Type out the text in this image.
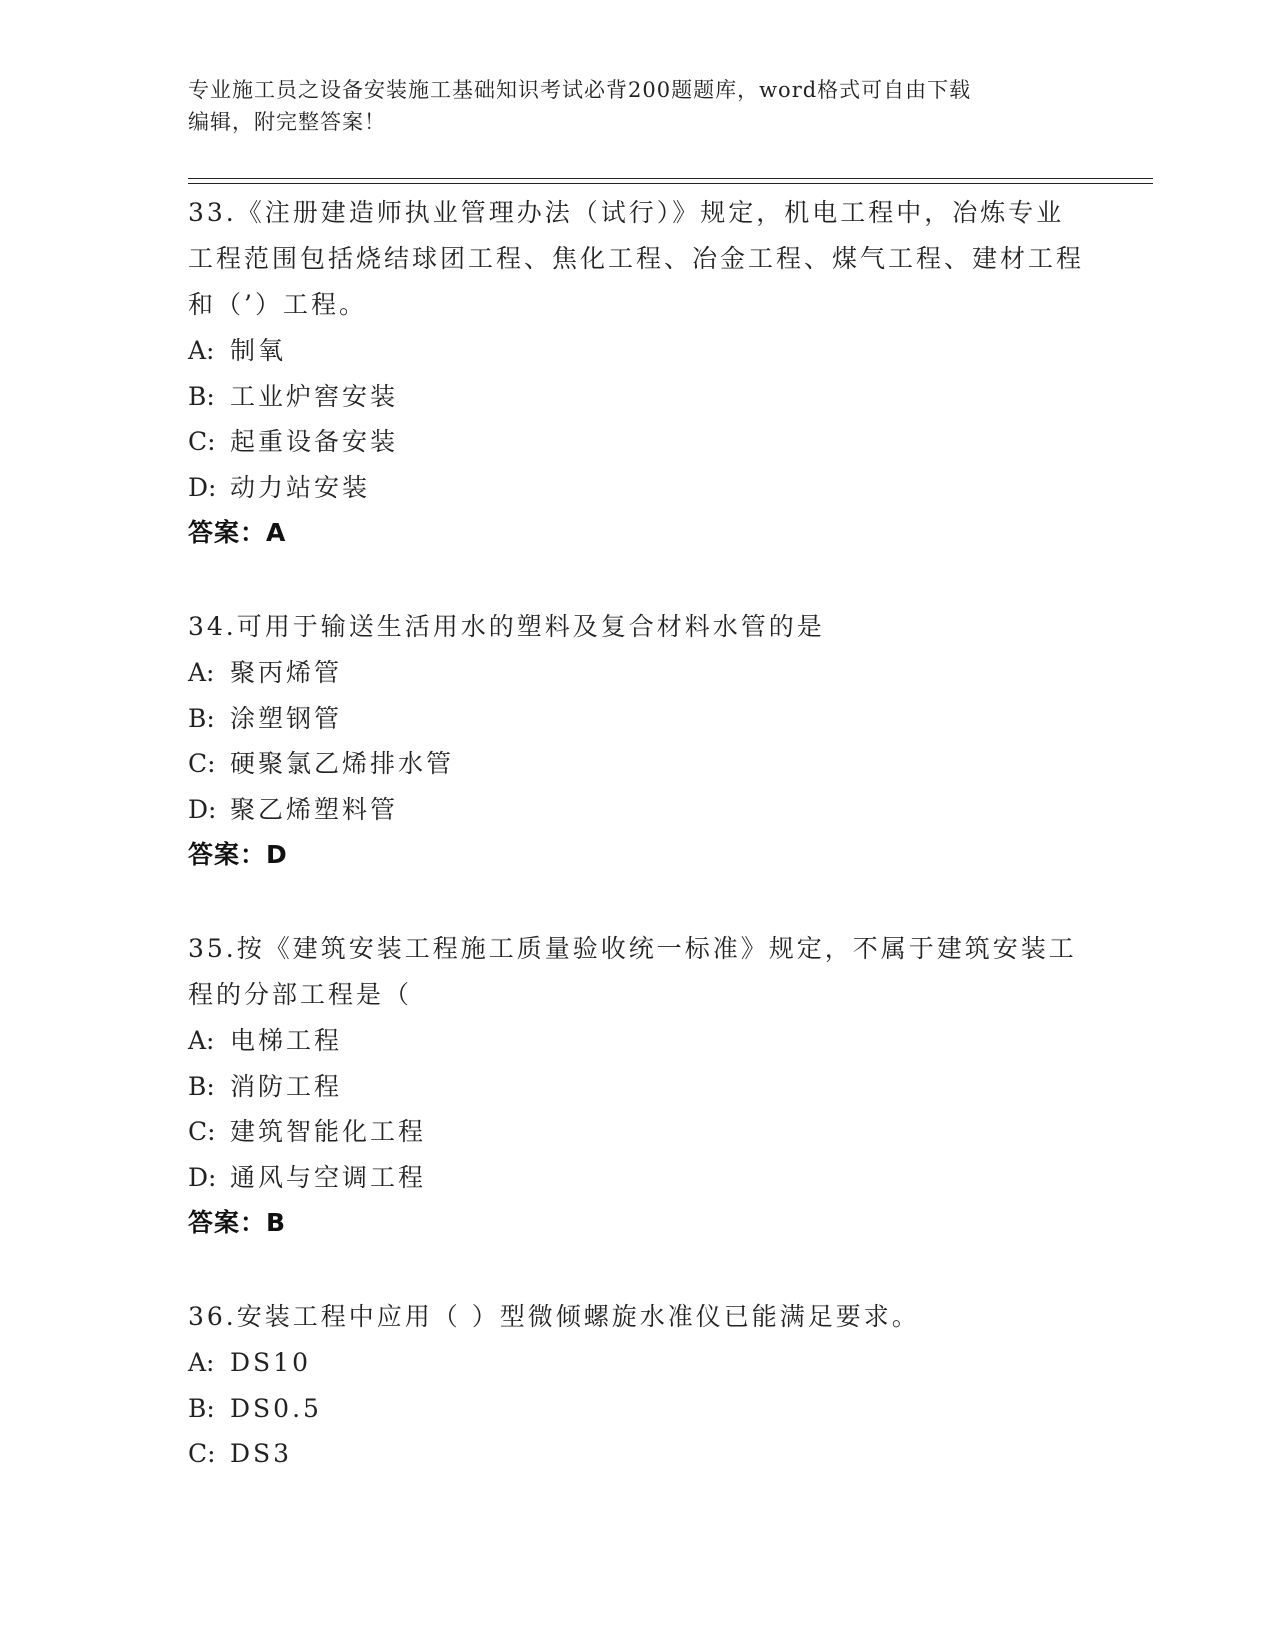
专业施工员之设备安装施工基础知识考试必背200题题库，word格式可自由下载
编辑，附完整答案！
33.《注册建造师执业管理办法（试行）》规定，机电工程中，冶炼专业工程范围包括烧结球团工程、焦化工程、冶金工程、煤气工程、建材工程和（’）工程。
A: 制氧
B: 工业炉窖安装
C: 起重设备安装
D: 动力站安装
答案：A
34.可用于输送生活用水的塑料及复合材料水管的是
A: 聚丙烯管
B: 涂塑钢管
C: 硬聚氯乙烯排水管
D: 聚乙烯塑料管
答案：D
35.按《建筑安装工程施工质量验收统一标准》规定，不属于建筑安装工程的分部工程是（
A: 电梯工程
B: 消防工程
C: 建筑智能化工程
D: 通风与空调工程
答案：B
36.安装工程中应用（ ）型微倾螺旋水准仪已能满足要求。
A: DS10
B: DS0.5
C: DS3
